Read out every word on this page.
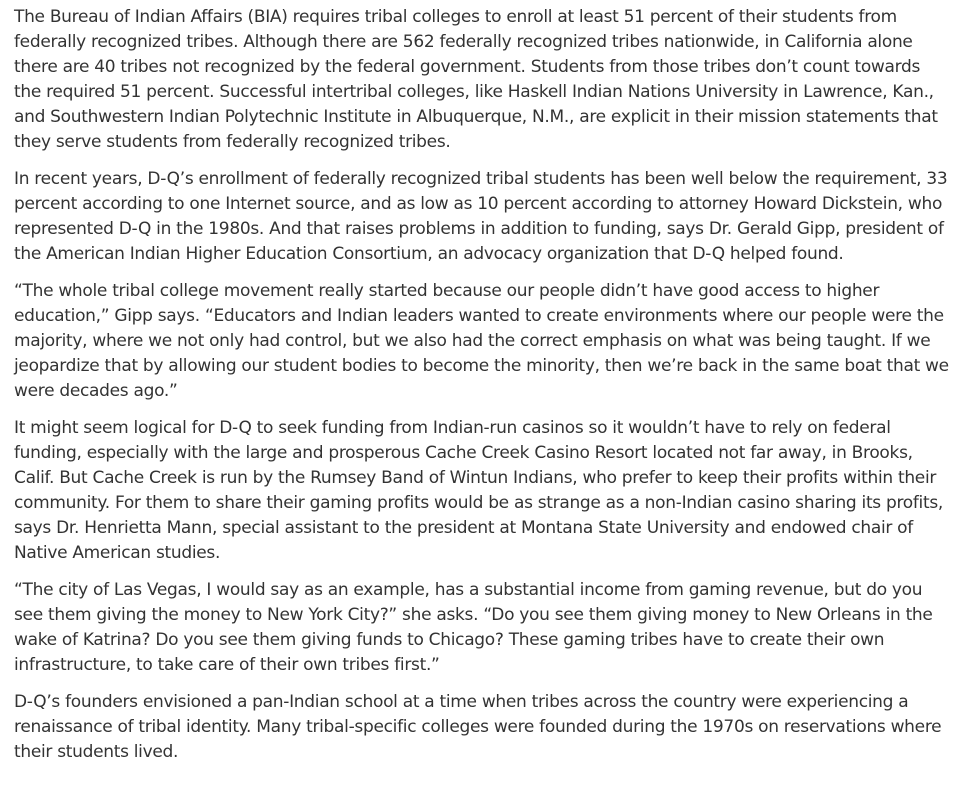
The Bureau of Indian Affairs (BIA) requires tribal colleges to enroll at least 51 percent of their students from federally recognized tribes. Although there are 562 federally recognized tribes nationwide, in California alone there are 40 tribes not recognized by the federal government. Students from those tribes don’t count towards the required 51 percent. Successful intertribal colleges, like Haskell Indian Nations University in Lawrence, Kan., and Southwestern Indian Polytechnic Institute in Albuquerque, N.M., are explicit in their mission statements that they serve students from federally recognized tribes.

In recent years, D-Q’s enrollment of federally recognized tribal students has been well below the requirement, 33 percent according to one Internet source, and as low as 10 percent according to attorney Howard Dickstein, who represented D-Q in the 1980s. And that raises problems in addition to funding, says Dr. Gerald Gipp, president of the American Indian Higher Education Consortium, an advocacy organization that D-Q helped found.

“The whole tribal college movement really started because our people didn’t have good access to higher education,” Gipp says. “Educators and Indian leaders wanted to create environments where our people were the majority, where we not only had control, but we also had the correct emphasis on what was being taught. If we jeopardize that by allowing our student bodies to become the minority, then we’re back in the same boat that we were decades ago.”

It might seem logical for D-Q to seek funding from Indian-run casinos so it wouldn’t have to rely on federal funding, especially with the large and prosperous Cache Creek Casino Resort located not far away, in Brooks, Calif. But Cache Creek is run by the Rumsey Band of Wintun Indians, who prefer to keep their profits within their community. For them to share their gaming profits would be as strange as a non-Indian casino sharing its profits, says Dr. Henrietta Mann, special assistant to the president at Montana State University and endowed chair of Native American studies.

“The city of Las Vegas, I would say as an example, has a substantial income from gaming revenue, but do you see them giving the money to New York City?” she asks. “Do you see them giving money to New Orleans in the wake of Katrina? Do you see them giving funds to Chicago? These gaming tribes have to create their own infrastructure, to take care of their own tribes first.”

D-Q’s founders envisioned a pan-Indian school at a time when tribes across the country were experiencing a renaissance of tribal identity. Many tribal-specific colleges were founded during the 1970s on reservations where their students lived.
